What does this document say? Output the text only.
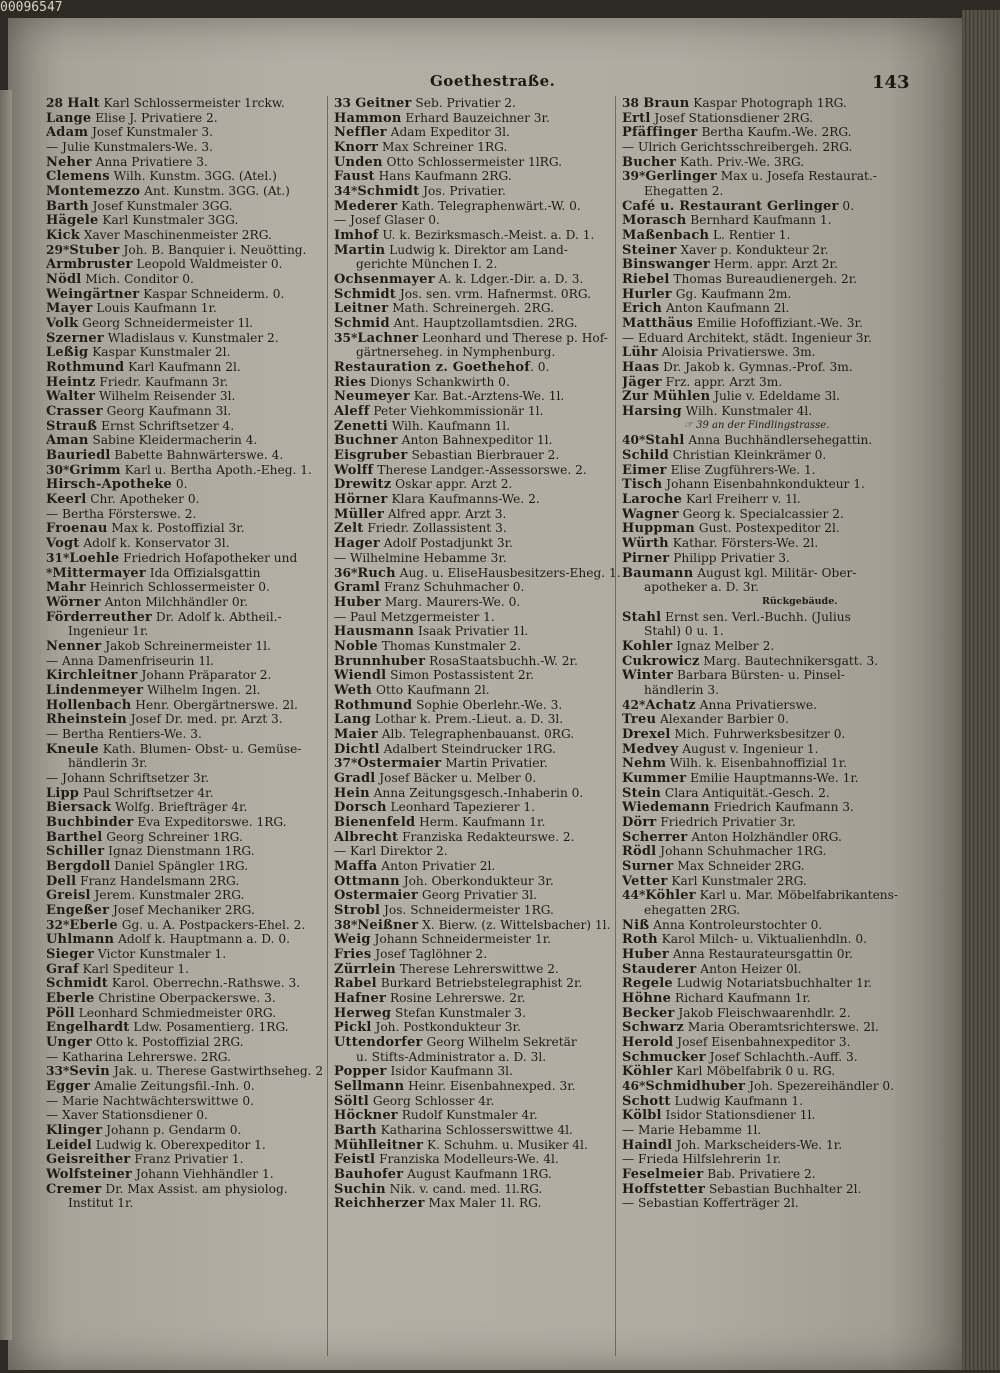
00096547
Goethestraße.	143
28 Halt Karl Schlossermeister 1rckw.
Lange Elise J. Privatiere 2.
Adam Josef Kunstmaler 3.
— Julie Kunstmalers-We. 3.
Neher Anna Privatiere 3.
Clemens Wilh. Kunstm. 3GG. (Atel.)
Montemezzo Ant. Kunstm. 3GG. (At.)
Barth Josef Kunstmaler 3GG.
Hägele Karl Kunstmaler 3GG.
Kick Xaver Maschinenmeister 2RG.
29*Stuber Joh. B. Banquier i. Neuötting.
Armbruster Leopold Waldmeister 0.
Nödl Mich. Conditor 0.
Weingärtner Kaspar Schneiderm. 0.
Mayer Louis Kaufmann 1r.
Volk Georg Schneidermeister 1l.
Szerner Wladislaus v. Kunstmaler 2.
Leßig Kaspar Kunstmaler 2l.
Rothmund Karl Kaufmann 2l.
Heintz Friedr. Kaufmann 3r.
Walter Wilhelm Reisender 3l.
Crasser Georg Kaufmann 3l.
Strauß Ernst Schriftsetzer 4.
Aman Sabine Kleidermacherin 4.
Bauriedl Babette Bahnwärterswe. 4.
30*Grimm Karl u. Bertha Apoth.-Eheg. 1.
Hirsch-Apotheke 0.
Keerl Chr. Apotheker 0.
— Bertha Försterswe. 2.
Froenau Max k. Postoffizial 3r.
Vogt Adolf k. Konservator 3l.
31*Loehle Friedrich Hofapotheker und
*Mittermayer Ida Offizialsgattin
Mahr Heinrich Schlossermeister 0.
Wörner Anton Milchhändler 0r.
Förderreuther Dr. Adolf k. Abtheil.-
Ingenieur 1r.
Nenner Jakob Schreinermeister 1l.
— Anna Damenfriseurin 1l.
Kirchleitner Johann Präparator 2.
Lindenmeyer Wilhelm Ingen. 2l.
Hollenbach Henr. Obergärtnerswe. 2l.
Rheinstein Josef Dr. med. pr. Arzt 3.
— Bertha Rentiers-We. 3.
Kneule Kath. Blumen- Obst- u. Gemüse-
händlerin 3r.
— Johann Schriftsetzer 3r.
Lipp Paul Schriftsetzer 4r.
Biersack Wolfg. Briefträger 4r.
Buchbinder Eva Expeditorswe. 1RG.
Barthel Georg Schreiner 1RG.
Schiller Ignaz Dienstmann 1RG.
Bergdoll Daniel Spängler 1RG.
Dell Franz Handelsmann 2RG.
Greisl Jerem. Kunstmaler 2RG.
Engeßer Josef Mechaniker 2RG.
32*Eberle Gg. u. A. Postpackers-Ehel. 2.
Uhlmann Adolf k. Hauptmann a. D. 0.
Sieger Victor Kunstmaler 1.
Graf Karl Spediteur 1.
Schmidt Karol. Oberrechn.-Rathswe. 3.
Eberle Christine Oberpackerswe. 3.
Pöll Leonhard Schmiedmeister 0RG.
Engelhardt Ldw. Posamentierg. 1RG.
Unger Otto k. Postoffizial 2RG.
— Katharina Lehrerswe. 2RG.
33*Sevin Jak. u. Therese Gastwirthseheg. 2
Egger Amalie Zeitungsfil.-Inh. 0.
— Marie Nachtwächterswittwe 0.
— Xaver Stationsdiener 0.
Klinger Johann p. Gendarm 0.
Leidel Ludwig k. Oberexpeditor 1.
Geisreither Franz Privatier 1.
Wolfsteiner Johann Viehhändler 1.
Cremer Dr. Max Assist. am physiolog.
Institut 1r.
33 Geitner Seb. Privatier 2.
Hammon Erhard Bauzeichner 3r.
Neffler Adam Expeditor 3l.
Knorr Max Schreiner 1RG.
Unden Otto Schlossermeister 1lRG.
Faust Hans Kaufmann 2RG.
34*Schmidt Jos. Privatier.
Mederer Kath. Telegraphenwärt.-W. 0.
— Josef Glaser 0.
Imhof U. k. Bezirksmasch.-Meist. a. D. 1.
Martin Ludwig k. Direktor am Land-
gerichte München I. 2.
Ochsenmayer A. k. Ldger.-Dir. a. D. 3.
Schmidt Jos. sen. vrm. Hafnermst. 0RG.
Leitner Math. Schreinergeh. 2RG.
Schmid Ant. Hauptzollamtsdien. 2RG.
35*Lachner Leonhard und Therese p. Hof-
gärtnerseheg. in Nymphenburg.
Restauration z. Goethehof. 0.
Ries Dionys Schankwirth 0.
Neumeyer Kar. Bat.-Arztens-We. 1l.
Aleff Peter Viehkommissionär 1l.
Zenetti Wilh. Kaufmann 1l.
Buchner Anton Bahnexpeditor 1l.
Eisgruber Sebastian Bierbrauer 2.
Wolff Therese Landger.-Assessorswe. 2.
Drewitz Oskar appr. Arzt 2.
Hörner Klara Kaufmanns-We. 2.
Müller Alfred appr. Arzt 3.
Zelt Friedr. Zollassistent 3.
Hager Adolf Postadjunkt 3r.
— Wilhelmine Hebamme 3r.
36*Ruch Aug. u. EliseHausbesitzers-Eheg. 1.
Graml Franz Schuhmacher 0.
Huber Marg. Maurers-We. 0.
— Paul Metzgermeister 1.
Hausmann Isaak Privatier 1l.
Noble Thomas Kunstmaler 2.
Brunnhuber RosaStaatsbuchh.-W. 2r.
Wiendl Simon Postassistent 2r.
Weth Otto Kaufmann 2l.
Rothmund Sophie Oberlehr.-We. 3.
Lang Lothar k. Prem.-Lieut. a. D. 3l.
Maier Alb. Telegraphenbauanst. 0RG.
Dichtl Adalbert Steindrucker 1RG.
37*Ostermaier Martin Privatier.
Gradl Josef Bäcker u. Melber 0.
Hein Anna Zeitungsgesch.-Inhaberin 0.
Dorsch Leonhard Tapezierer 1.
Bienenfeld Herm. Kaufmann 1r.
Albrecht Franziska Redakteurswe. 2.
— Karl Direktor 2.
Maffa Anton Privatier 2l.
Ottmann Joh. Oberkondukteur 3r.
Ostermaier Georg Privatier 3l.
Strobl Jos. Schneidermeister 1RG.
38*Neißner X. Bierw. (z. Wittelsbacher) 1l.
Weig Johann Schneidermeister 1r.
Fries Josef Taglöhner 2.
Zürrlein Therese Lehrerswittwe 2.
Rabel Burkard Betriebstelegraphist 2r.
Hafner Rosine Lehrerswe. 2r.
Herweg Stefan Kunstmaler 3.
Pickl Joh. Postkondukteur 3r.
Uttendorfer Georg Wilhelm Sekretär
u. Stifts-Administrator a. D. 3l.
Popper Isidor Kaufmann 3l.
Sellmann Heinr. Eisenbahnexped. 3r.
Söltl Georg Schlosser 4r.
Höckner Rudolf Kunstmaler 4r.
Barth Katharina Schlosserswittwe 4l.
Mühlleitner K. Schuhm. u. Musiker 4l.
Feistl Franziska Modelleurs-We. 4l.
Bauhofer August Kaufmann 1RG.
Suchin Nik. v. cand. med. 1l.RG.
Reichherzer Max Maler 1l. RG.
38 Braun Kaspar Photograph 1RG.
Ertl Josef Stationsdiener 2RG.
Pfäffinger Bertha Kaufm.-We. 2RG.
— Ulrich Gerichtsschreibergeh. 2RG.
Bucher Kath. Priv.-We. 3RG.
39*Gerlinger Max u. Josefa Restaurat.-
Ehegatten 2.
Café u. Restaurant Gerlinger 0.
Morasch Bernhard Kaufmann 1.
Maßenbach L. Rentier 1.
Steiner Xaver p. Kondukteur 2r.
Binswanger Herm. appr. Arzt 2r.
Riebel Thomas Bureaudienergeh. 2r.
Hurler Gg. Kaufmann 2m.
Erich Anton Kaufmann 2l.
Matthäus Emilie Hofoffiziant.-We. 3r.
— Eduard Architekt, städt. Ingenieur 3r.
Lühr Aloisia Privatierswe. 3m.
Haas Dr. Jakob k. Gymnas.-Prof. 3m.
Jäger Frz. appr. Arzt 3m.
Zur Mühlen Julie v. Edeldame 3l.
Harsing Wilh. Kunstmaler 4l.
☞ 39 an der Findlingstrasse.
40*Stahl Anna Buchhändlersehegattin.
Schild Christian Kleinkrämer 0.
Eimer Elise Zugführers-We. 1.
Tisch Johann Eisenbahnkondukteur 1.
Laroche Karl Freiherr v. 1l.
Wagner Georg k. Specialcassier 2.
Huppman Gust. Postexpeditor 2l.
Würth Kathar. Försters-We. 2l.
Pirner Philipp Privatier 3.
Baumann August kgl. Militär- Ober-
apotheker a. D. 3r.
Rückgebäude.
Stahl Ernst sen. Verl.-Buchh. (Julius
Stahl) 0 u. 1.
Kohler Ignaz Melber 2.
Cukrowicz Marg. Bautechnikersgatt. 3.
Winter Barbara Bürsten- u. Pinsel-
händlerin 3.
42*Achatz Anna Privatierswe.
Treu Alexander Barbier 0.
Drexel Mich. Fuhrwerksbesitzer 0.
Medvey August v. Ingenieur 1.
Nehm Wilh. k. Eisenbahnoffizial 1r.
Kummer Emilie Hauptmanns-We. 1r.
Stein Clara Antiquität.-Gesch. 2.
Wiedemann Friedrich Kaufmann 3.
Dörr Friedrich Privatier 3r.
Scherrer Anton Holzhändler 0RG.
Rödl Johann Schuhmacher 1RG.
Surner Max Schneider 2RG.
Vetter Karl Kunstmaler 2RG.
44*Köhler Karl u. Mar. Möbelfabrikantens-
ehegatten 2RG.
Niß Anna Kontroleurstochter 0.
Roth Karol Milch- u. Viktualienhdln. 0.
Huber Anna Restaurateursgattin 0r.
Stauderer Anton Heizer 0l.
Regele Ludwig Notariatsbuchhalter 1r.
Höhne Richard Kaufmann 1r.
Becker Jakob Fleischwaarenhdlr. 2.
Schwarz Maria Oberamtsrichterswe. 2l.
Herold Josef Eisenbahnexpeditor 3.
Schmucker Josef Schlachth.-Auff. 3.
Köhler Karl Möbelfabrik 0 u. RG.
46*Schmidhuber Joh. Spezereihändler 0.
Schott Ludwig Kaufmann 1.
Kölbl Isidor Stationsdiener 1l.
— Marie Hebamme 1l.
Haindl Joh. Markscheiders-We. 1r.
— Frieda Hilfslehrerin 1r.
Feselmeier Bab. Privatiere 2.
Hoffstetter Sebastian Buchhalter 2l.
— Sebastian Kofferträger 2l.
